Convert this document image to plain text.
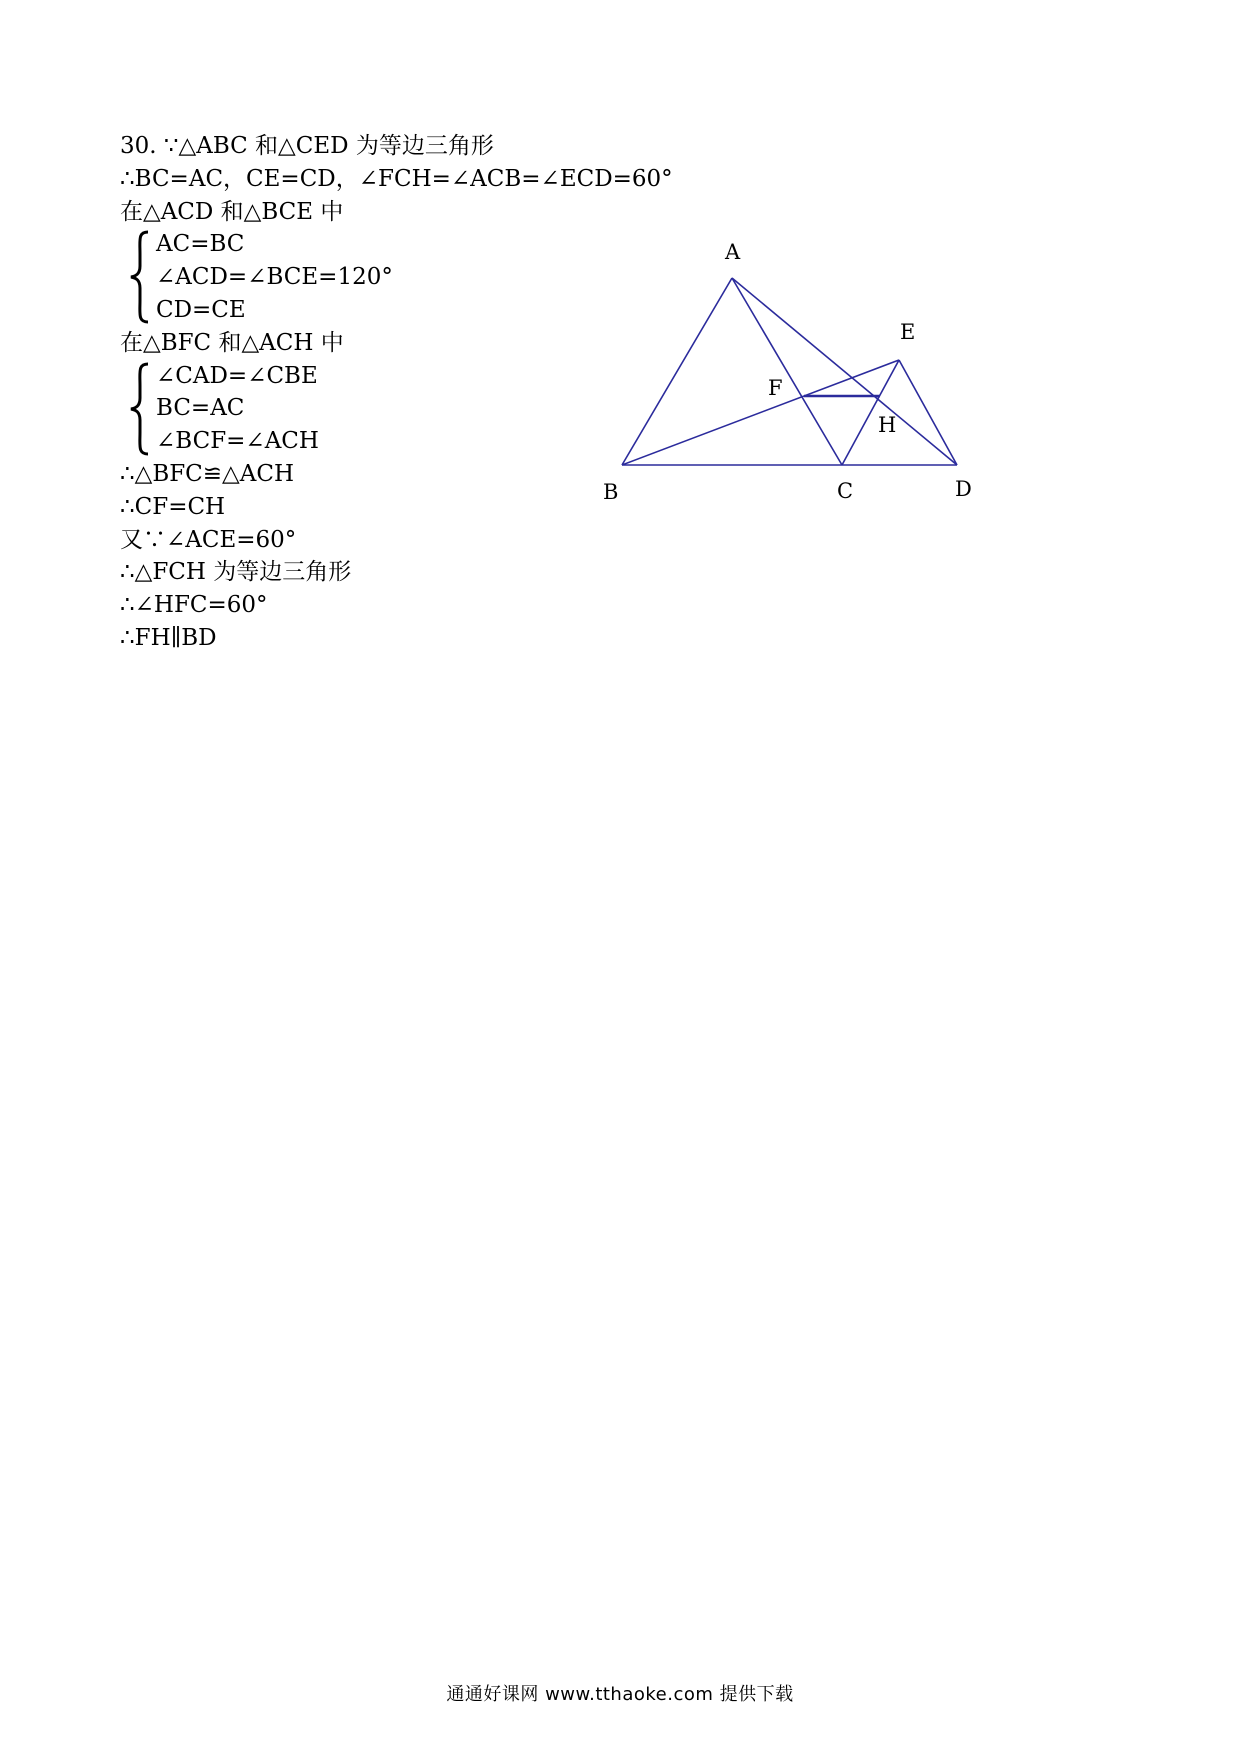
30. ∵△ABC 和△CED 为等边三角形
∴BC=AC，CE=CD，∠FCH=∠ACB=∠ECD=60°
在△ACD 和△BCE 中
AC=BC
∠ACD=∠BCE=120°
CD=CE
在△BFC 和△ACH 中
∠CAD=∠CBE
BC=AC
∠BCF=∠ACH
∴△BFC≌△ACH
∴CF=CH
又∵∠ACE=60°
∴△FCH 为等边三角形
∴∠HFC=60°
∴FH∥BD
A
B	C	D
E
F
H
通通好课网 www.tthaoke.com 提供下载
